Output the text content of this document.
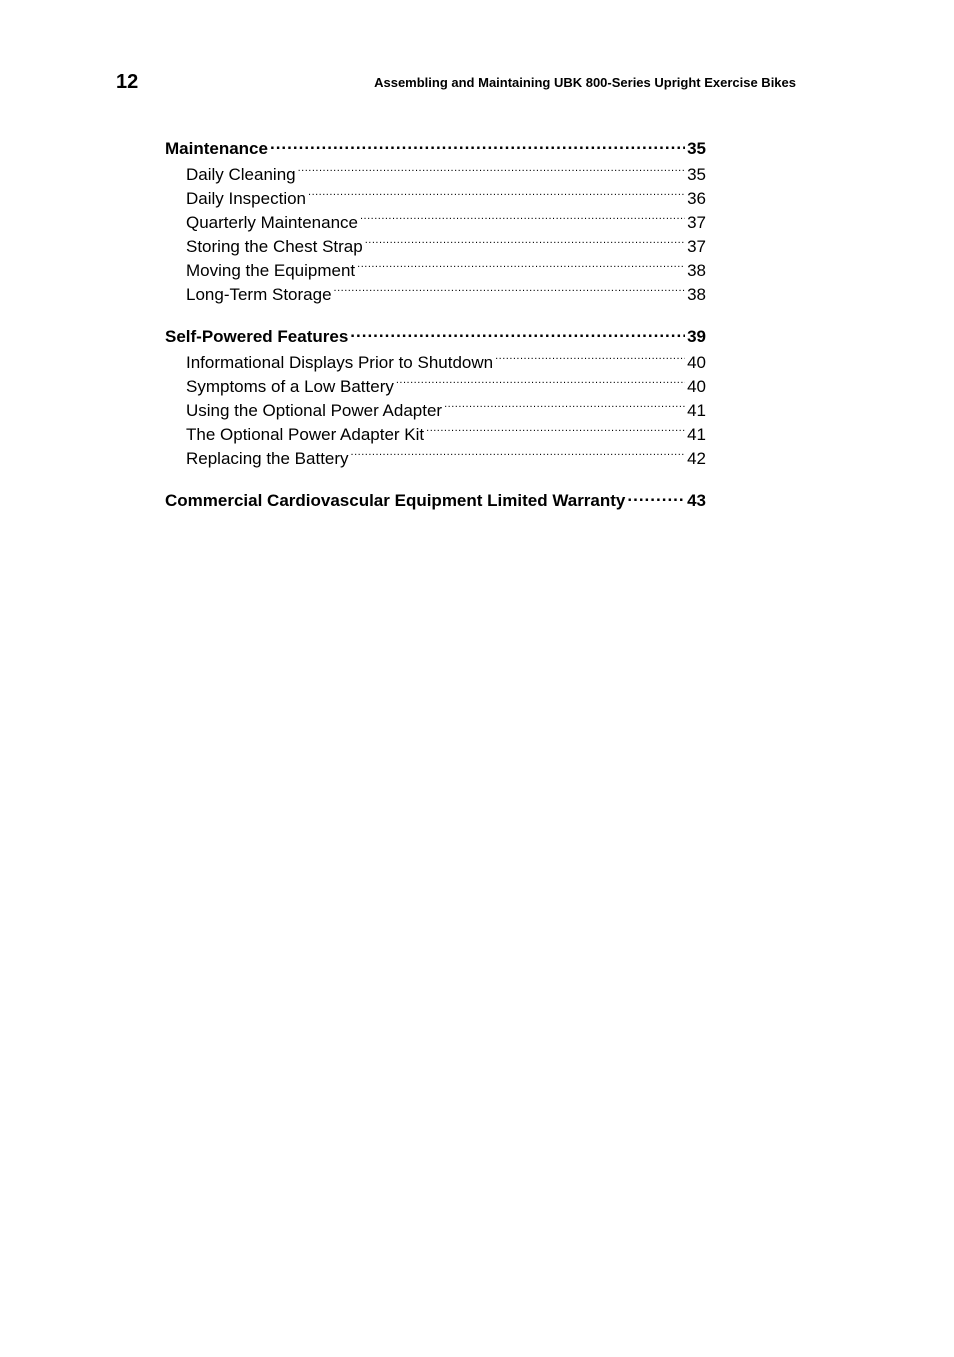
12	Assembling and Maintaining UBK 800-Series Upright Exercise Bikes
Maintenance .....	35
Daily Cleaning .....	35
Daily Inspection .....	36
Quarterly Maintenance .....	37
Storing the Chest Strap .....	37
Moving the Equipment .....	38
Long-Term Storage .....	38
Self-Powered Features .....	39
Informational Displays Prior to Shutdown .....	40
Symptoms of a Low Battery .....	40
Using the Optional Power Adapter .....	41
The Optional Power Adapter Kit .....	41
Replacing the Battery .....	42
Commercial Cardiovascular Equipment Limited Warranty .....	43
